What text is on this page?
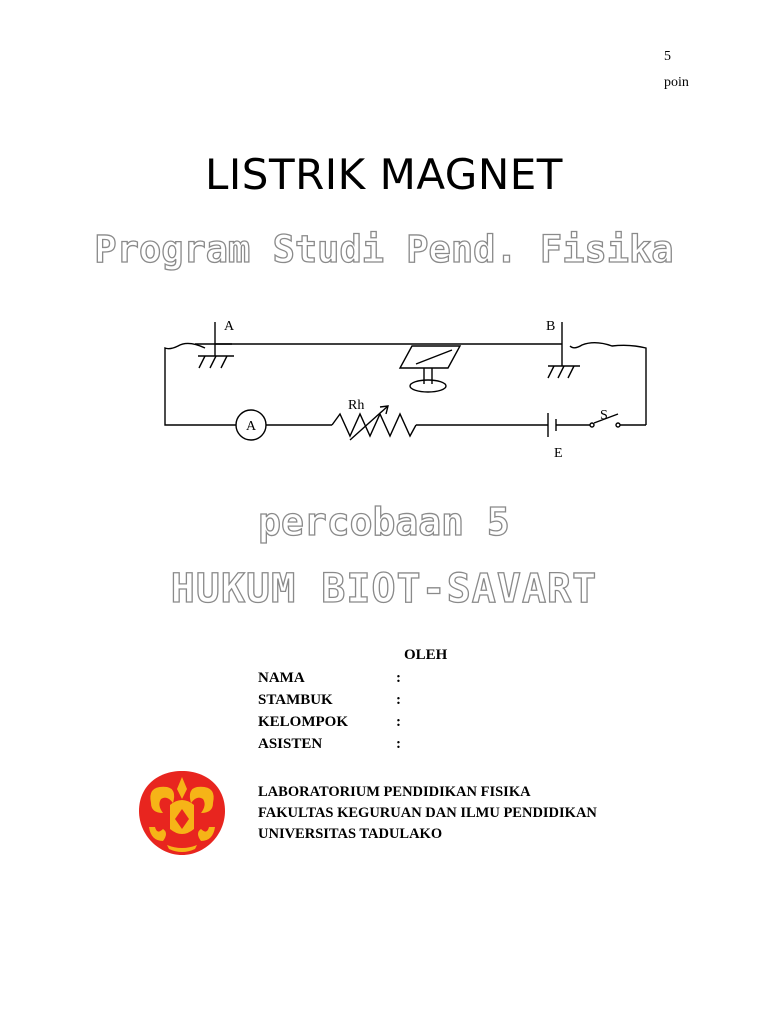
5
poin
LISTRIK MAGNET
Program Studi Pend. Fisika
A	B
Rh
A
E
S
percobaan 5
HUKUM BIOT-SAVART
OLEH
NAMA	:
STAMBUK	:
KELOMPOK	:
ASISTEN	:
LABORATORIUM PENDIDIKAN FISIKA
FAKULTAS KEGURUAN DAN ILMU PENDIDIKAN
UNIVERSITAS TADULAKO
